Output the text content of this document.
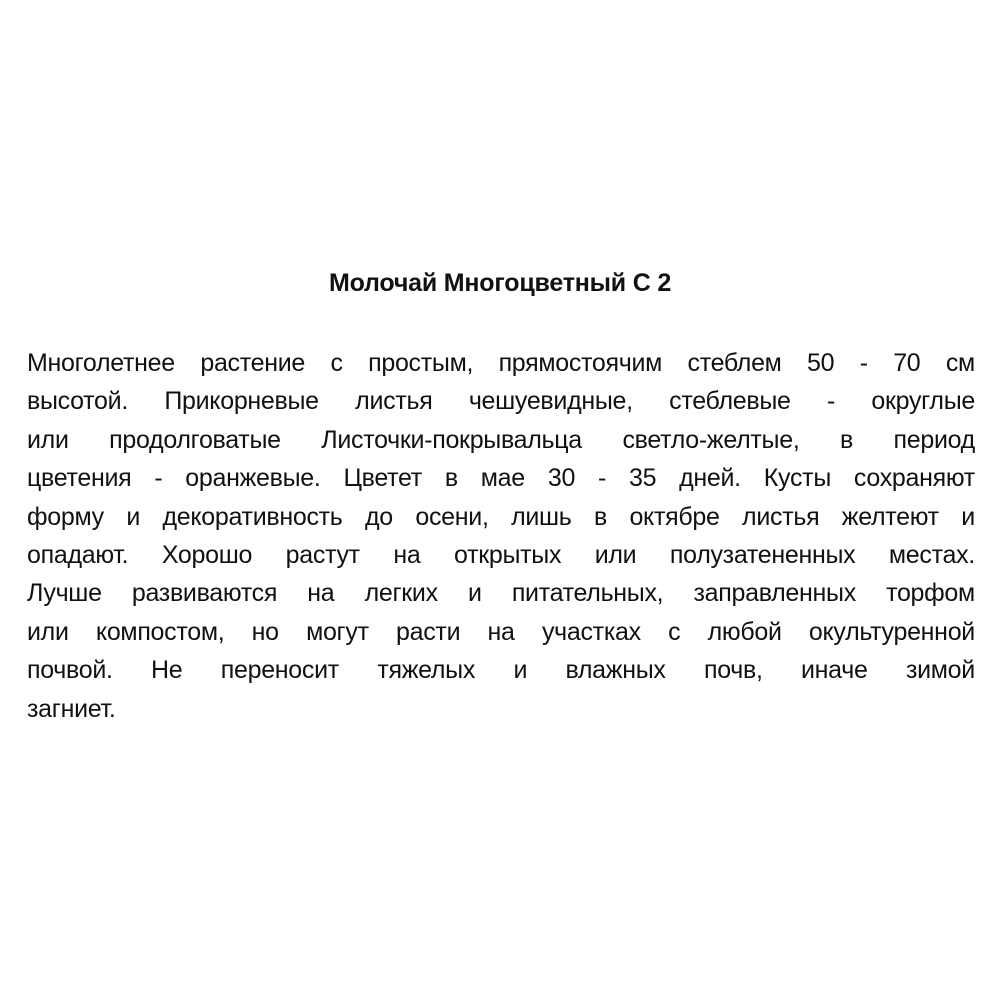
Молочай Многоцветный С 2
Многолетнее растение с простым, прямостоячим стеблем 50 - 70 см
высотой. Прикорневые листья чешуевидные, стеблевые - округлые
или продолговатые Листочки-покрывальца светло-желтые, в период
цветения - оранжевые. Цветет в мае 30 - 35 дней. Кусты сохраняют
форму и декоративность до осени, лишь в октябре листья желтеют и
опадают. Хорошо растут на открытых или полузатененных местах.
Лучше развиваются на легких и питательных, заправленных торфом
или компостом, но могут расти на участках с любой окультуренной
почвой. Не переносит тяжелых и влажных почв, иначе зимой
загниет.
